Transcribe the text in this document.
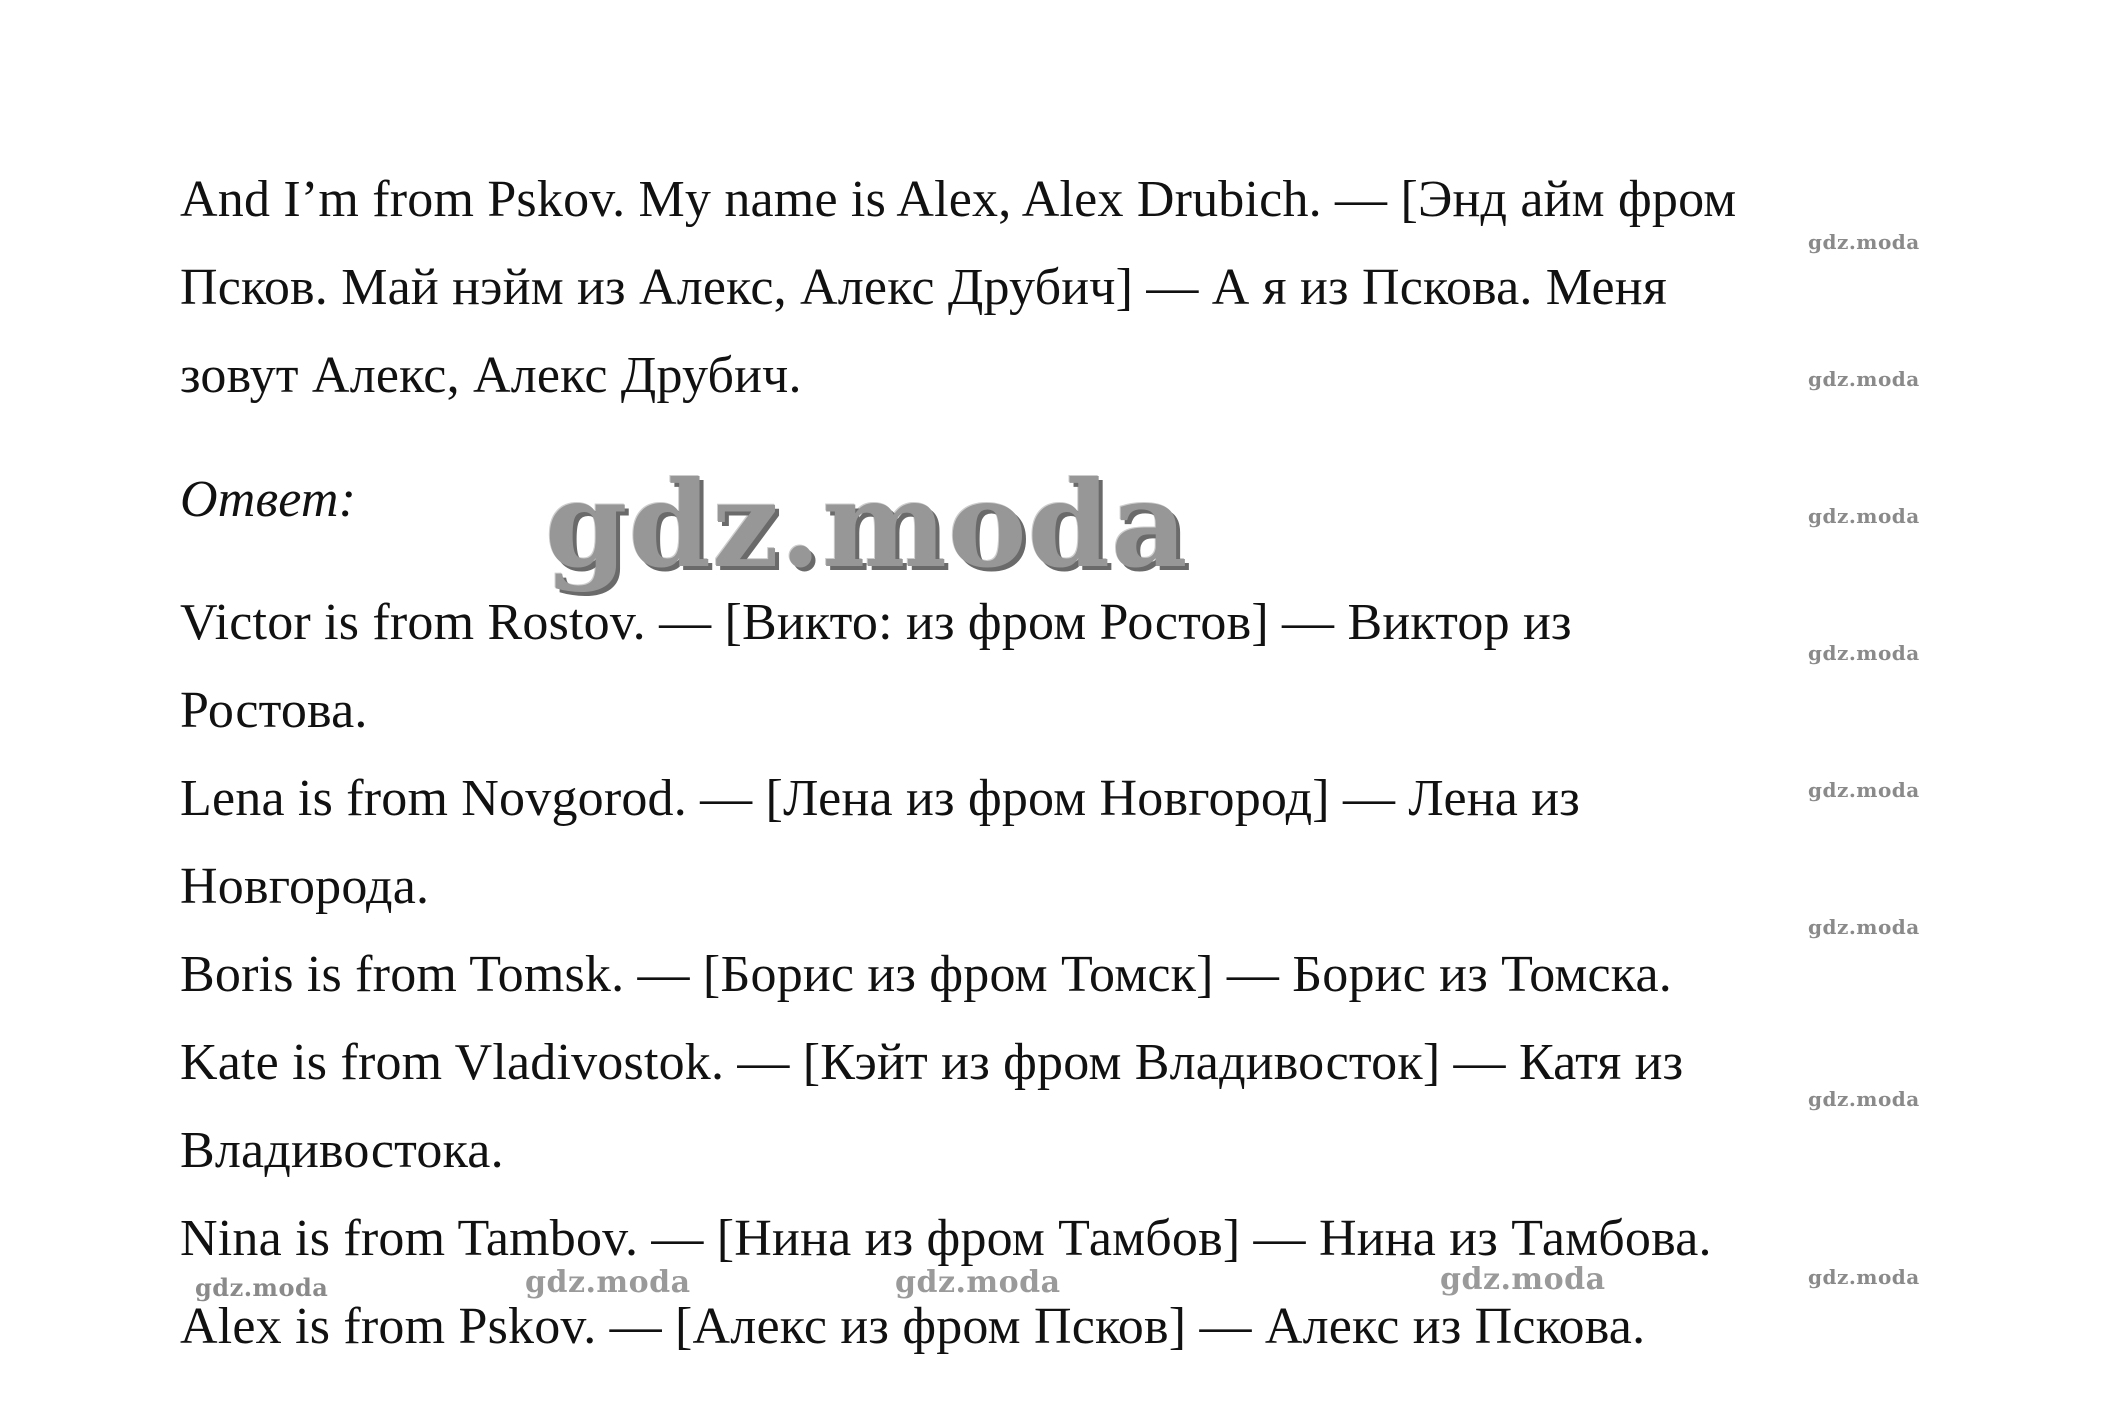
And I’m from Pskov. My name is Alex, Alex Drubich. — [Энд айм фром
Псков. Май нэйм из Алекс, Алекс Друбич] — А я из Пскова. Меня
зовут Алекс, Алекс Друбич.
Ответ:
Victor is from Rostov. — [Викто: из фром Ростов] — Виктор из
Ростова.
Lena is from Novgorod. — [Лена из фром Новгород] — Лена из
Новгорода.
Boris is from Tomsk. — [Борис из фром Томск] — Борис из Томска.
Kate is from Vladivostok. — [Кэйт из фром Владивосток] — Катя из
Владивостока.
Nina is from Tambov. — [Нина из фром Тамбов] — Нина из Тамбова.
Alex is from Pskov. — [Алекс из фром Псков] — Алекс из Пскова.
gdz.moda
gdz.moda
gdz.moda
gdz.moda
gdz.moda
gdz.moda
gdz.moda
gdz.moda
gdz.moda
gdz.moda	gdz.moda	gdz.moda	gdz.moda
